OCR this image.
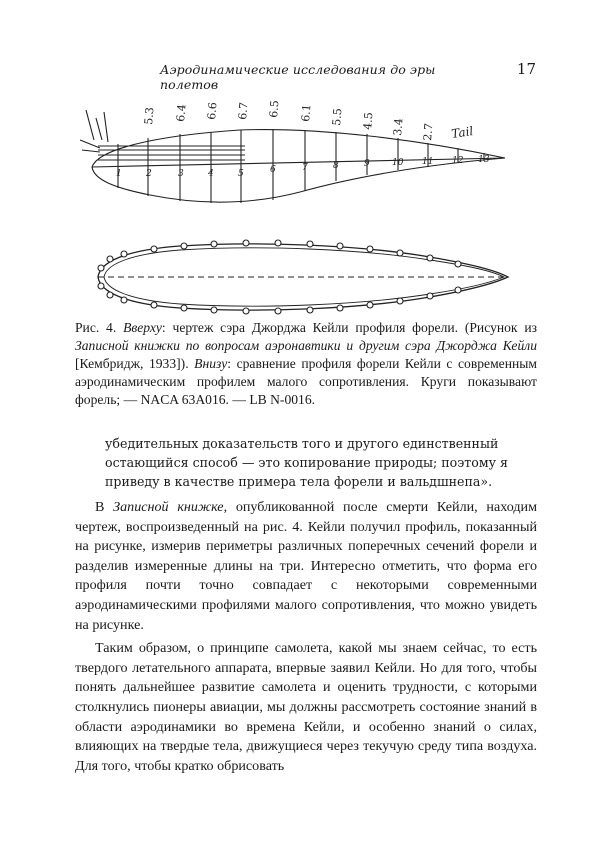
Аэродинамические исследования до эры полетов
17
1	2	3	4	5	6	7	8	9 10 11 12 13
5.3 6.4 6.6 6.7 6.5 6.1 5.5 4.5 3.4 2.7 Tail
Рис. 4. Вверху: чертеж сэра Джорджа Кейли профиля форели. (Рисунок из Записной книжки по вопросам аэронавтики и другим сэра Джорджа Кейли [Кембридж, 1933]). Внизу: сравнение профиля форели Кейли с современным аэродинамическим профилем малого сопротивления. Круги показывают форель; — NACA 63A016. — LB N-0016.

убедительных доказательств того и другого единственный

остающийся способ — это копирование природы; поэтому я

приведу в качестве примера тела форели и вальдшнепа».

В Записной книжке, опубликованной после смерти Кейли, находим чертеж, воспроизведенный на рис. 4. Кейли получил профиль, показанный на рисунке, измерив периметры различных поперечных сечений форели и разделив измеренные длины на три. Интересно отметить, что форма его профиля почти точно совпадает с некоторыми современными аэродинамическими профилями малого сопротивления, что можно увидеть на рисунке.

Таким образом, о принципе самолета, какой мы знаем сейчас, то есть твердого летательного аппарата, впервые заявил Кейли. Но для того, чтобы понять дальнейшее развитие самолета и оценить трудности, с которыми столкнулись пионеры авиации, мы должны рассмотреть состояние знаний в области аэродинамики во времена Кейли, и особенно знаний о силах, влияющих на твердые тела, движущиеся через текучую среду типа воздуха. Для того, чтобы кратко обрисовать
